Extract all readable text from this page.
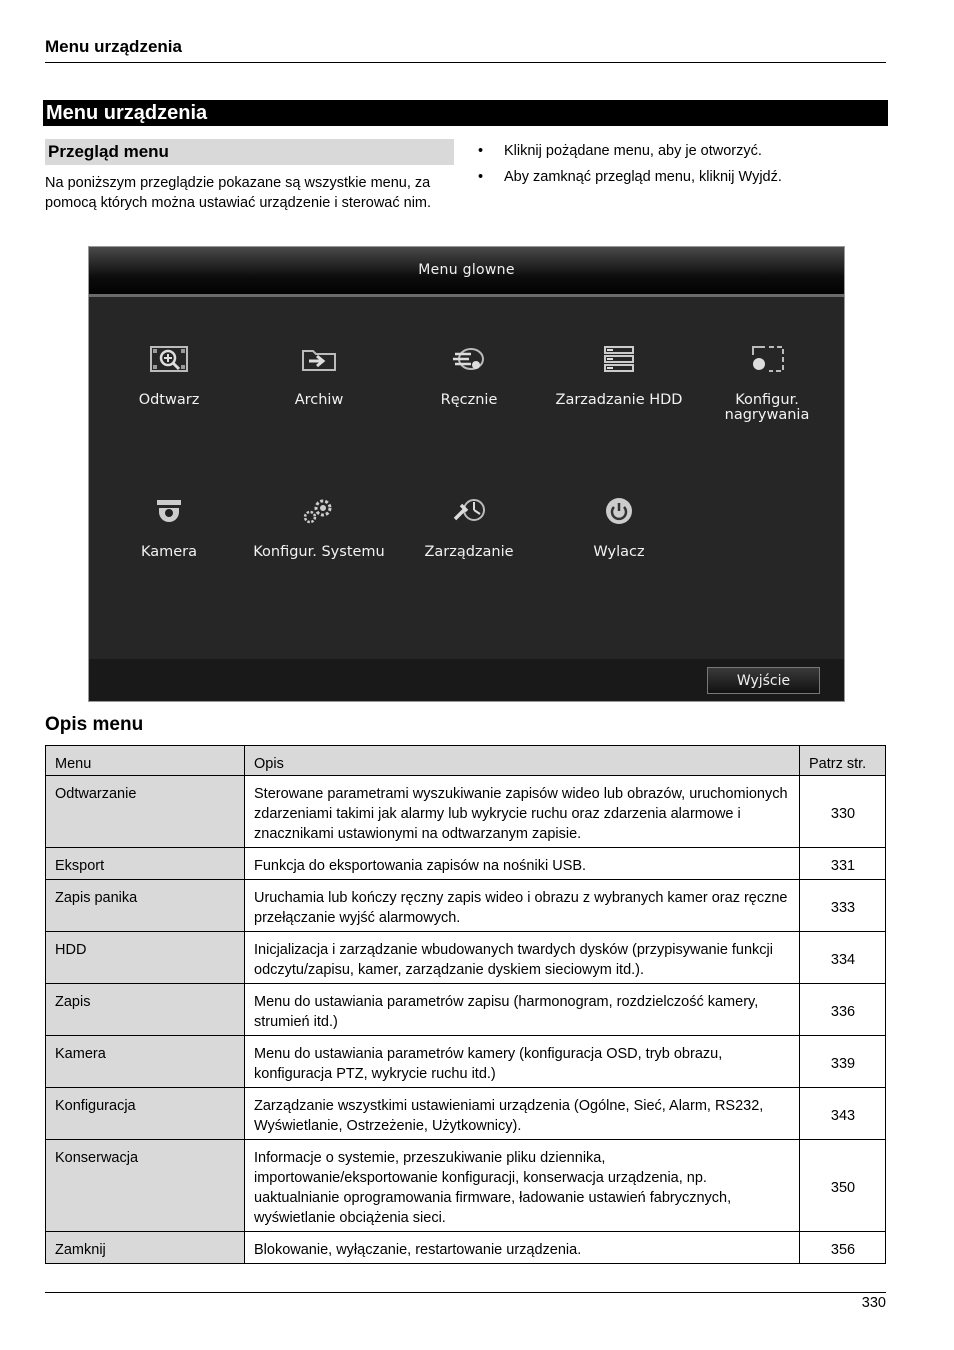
Menu urządzenia
Menu urządzenia
Przegląd menu
Na poniższym przeglądzie pokazane są wszystkie menu, za pomocą których można ustawiać urządzenie i sterować nim.
• Kliknij pożądane menu, aby je otworzyć.
• Aby zamknąć przegląd menu, kliknij Wyjdź.
Menu glowne
Odtwarz	Archiw	Ręcznie	Zarzadzanie HDD	Konfigur. nagrywania
Kamera	Konfigur. Systemu	Zarządzanie	Wylacz
Wyjście
Opis menu
Menu	Opis	Patrz str.
Odtwarzanie	Sterowane parametrami wyszukiwanie zapisów wideo lub obrazów, uruchomionych zdarzeniami takimi jak alarmy lub wykrycie ruchu oraz zdarzenia alarmowe i znacznikami ustawionymi na odtwarzanym zapisie.	330
Eksport	Funkcja do eksportowania zapisów na nośniki USB.	331
Zapis panika	Uruchamia lub kończy ręczny zapis wideo i obrazu z wybranych kamer oraz ręczne przełączanie wyjść alarmowych.	333
HDD	Inicjalizacja i zarządzanie wbudowanych twardych dysków (przypisywanie funkcji odczytu/zapisu, kamer, zarządzanie dyskiem sieciowym itd.).	334
Zapis	Menu do ustawiania parametrów zapisu (harmonogram, rozdzielczość kamery, strumień itd.)	336
Kamera	Menu do ustawiania parametrów kamery (konfiguracja OSD, tryb obrazu, konfiguracja PTZ, wykrycie ruchu itd.)	339
Konfiguracja	Zarządzanie wszystkimi ustawieniami urządzenia (Ogólne, Sieć, Alarm, RS232, Wyświetlanie, Ostrzeżenie, Użytkownicy).	343
Konserwacja	Informacje o systemie, przeszukiwanie pliku dziennika, importowanie/eksportowanie konfiguracji, konserwacja urządzenia, np. uaktualnianie oprogramowania firmware, ładowanie ustawień fabrycznych, wyświetlanie obciążenia sieci.	350
Zamknij	Blokowanie, wyłączanie, restartowanie urządzenia.	356
330
